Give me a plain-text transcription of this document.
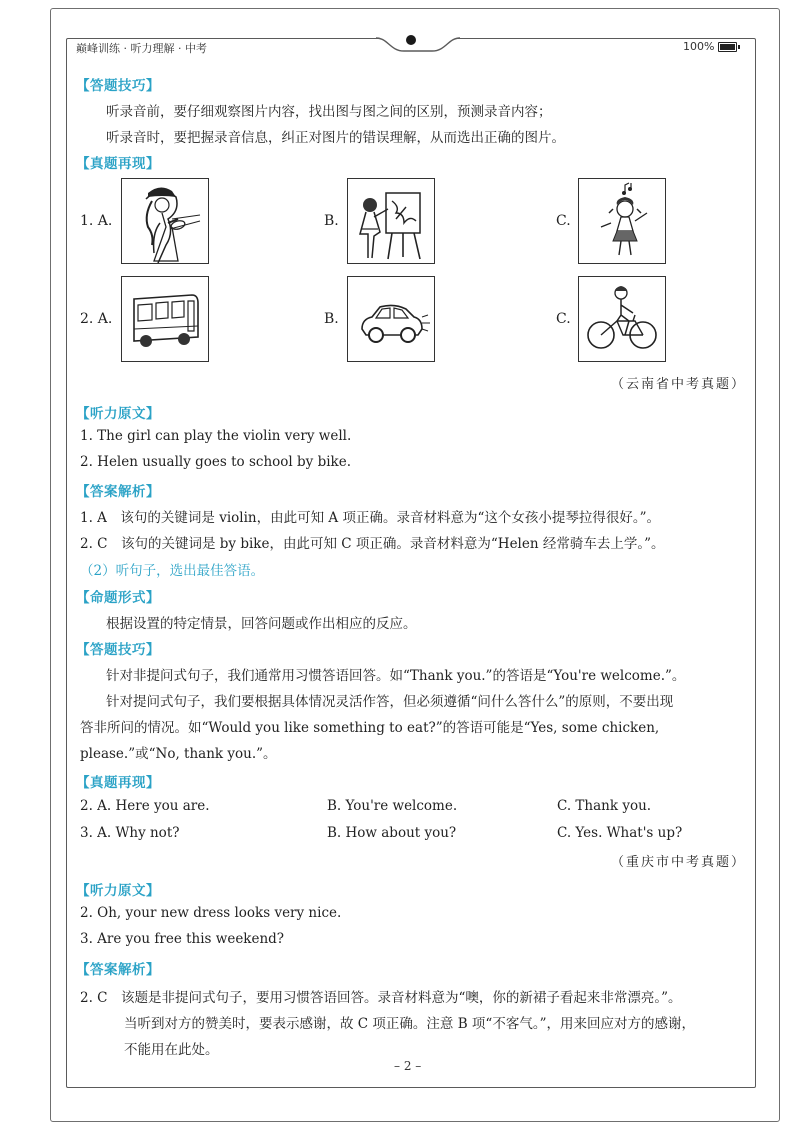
巅峰训练 · 听力理解 · 中考	100%
【答题技巧】
听录音前，要仔细观察图片内容，找出图与图之间的区别，预测录音内容；
听录音时，要把握录音信息，纠正对图片的错误理解，从而选出正确的图片。
【真题再现】
1. A.	B.	C.
2. A.	B.	C.
（云南省中考真题）
【听力原文】
1. The girl can play the violin very well.
2. Helen usually goes to school by bike.
【答案解析】
1. A　该句的关键词是 violin，由此可知 A 项正确。录音材料意为“这个女孩小提琴拉得很好。”。
2. C　该句的关键词是 by bike，由此可知 C 项正确。录音材料意为“Helen 经常骑车去上学。”。
（2）听句子，选出最佳答语。
【命题形式】
根据设置的特定情景，回答问题或作出相应的反应。
【答题技巧】
针对非提问式句子，我们通常用习惯答语回答。如“Thank you.”的答语是“You're welcome.”。
针对提问式句子，我们要根据具体情况灵活作答，但必须遵循“问什么答什么”的原则，不要出现
答非所问的情况。如“Would you like something to eat?”的答语可能是“Yes, some chicken,
please.”或“No, thank you.”。
【真题再现】
2. A. Here you are.	B. You're welcome.	C. Thank you.
3. A. Why not?	B. How about you?	C. Yes. What's up?
（重庆市中考真题）
【听力原文】
2. Oh, your new dress looks very nice.
3. Are you free this weekend?
【答案解析】
2. C　该题是非提问式句子，要用习惯答语回答。录音材料意为“噢，你的新裙子看起来非常漂亮。”。
当听到对方的赞美时，要表示感谢，故 C 项正确。注意 B 项“不客气。”，用来回应对方的感谢，
不能用在此处。
– 2 –
